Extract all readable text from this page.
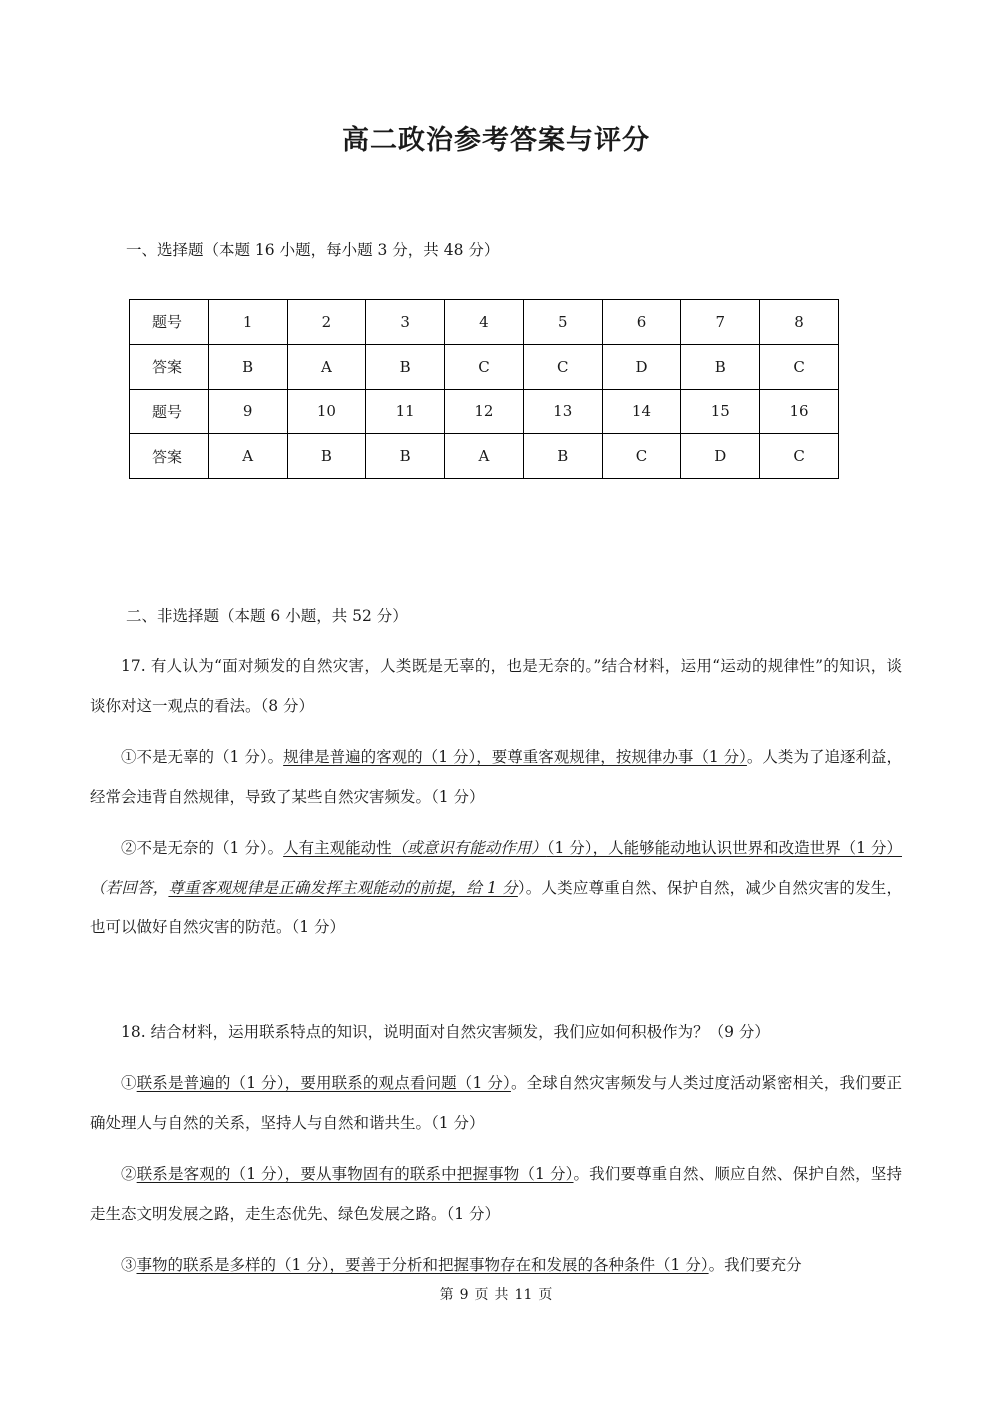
高二政治参考答案与评分
一、选择题（本题 16 小题，每小题 3 分，共 48 分）
题号	1	2	3	4	5	6	7	8
答案	B	A	B	C	C	D	B	C
题号	9	10	11	12	13	14	15	16
答案	A	B	B	A	B	C	D	C
二、非选择题（本题 6 小题，共 52 分）
17. 有人认为“面对频发的自然灾害，人类既是无辜的，也是无奈的。”结合材料，运用“运动的规律性”的知识，谈谈你对这一观点的看法。（8 分）
①不是无辜的（1 分）。规律是普遍的客观的（1 分），要尊重客观规律，按规律办事（1 分）。人类为了追逐利益，经常会违背自然规律，导致了某些自然灾害频发。（1 分）
②不是无奈的（1 分）。人有主观能动性（或意识有能动作用）（1 分），人能够能动地认识世界和改造世界（1 分）（若回答，尊重客观规律是正确发挥主观能动的前提，给 1 分）。人类应尊重自然、保护自然，减少自然灾害的发生，也可以做好自然灾害的防范。（1 分）
18. 结合材料，运用联系特点的知识，说明面对自然灾害频发，我们应如何积极作为？（9 分）
①联系是普遍的（1 分），要用联系的观点看问题（1 分）。全球自然灾害频发与人类过度活动紧密相关，我们要正确处理人与自然的关系，坚持人与自然和谐共生。（1 分）
②联系是客观的（1 分），要从事物固有的联系中把握事物（1 分）。我们要尊重自然、顺应自然、保护自然，坚持走生态文明发展之路，走生态优先、绿色发展之路。（1 分）
③事物的联系是多样的（1 分），要善于分析和把握事物存在和发展的各种条件（1 分）。我们要充分
第 9 页 共 11 页
